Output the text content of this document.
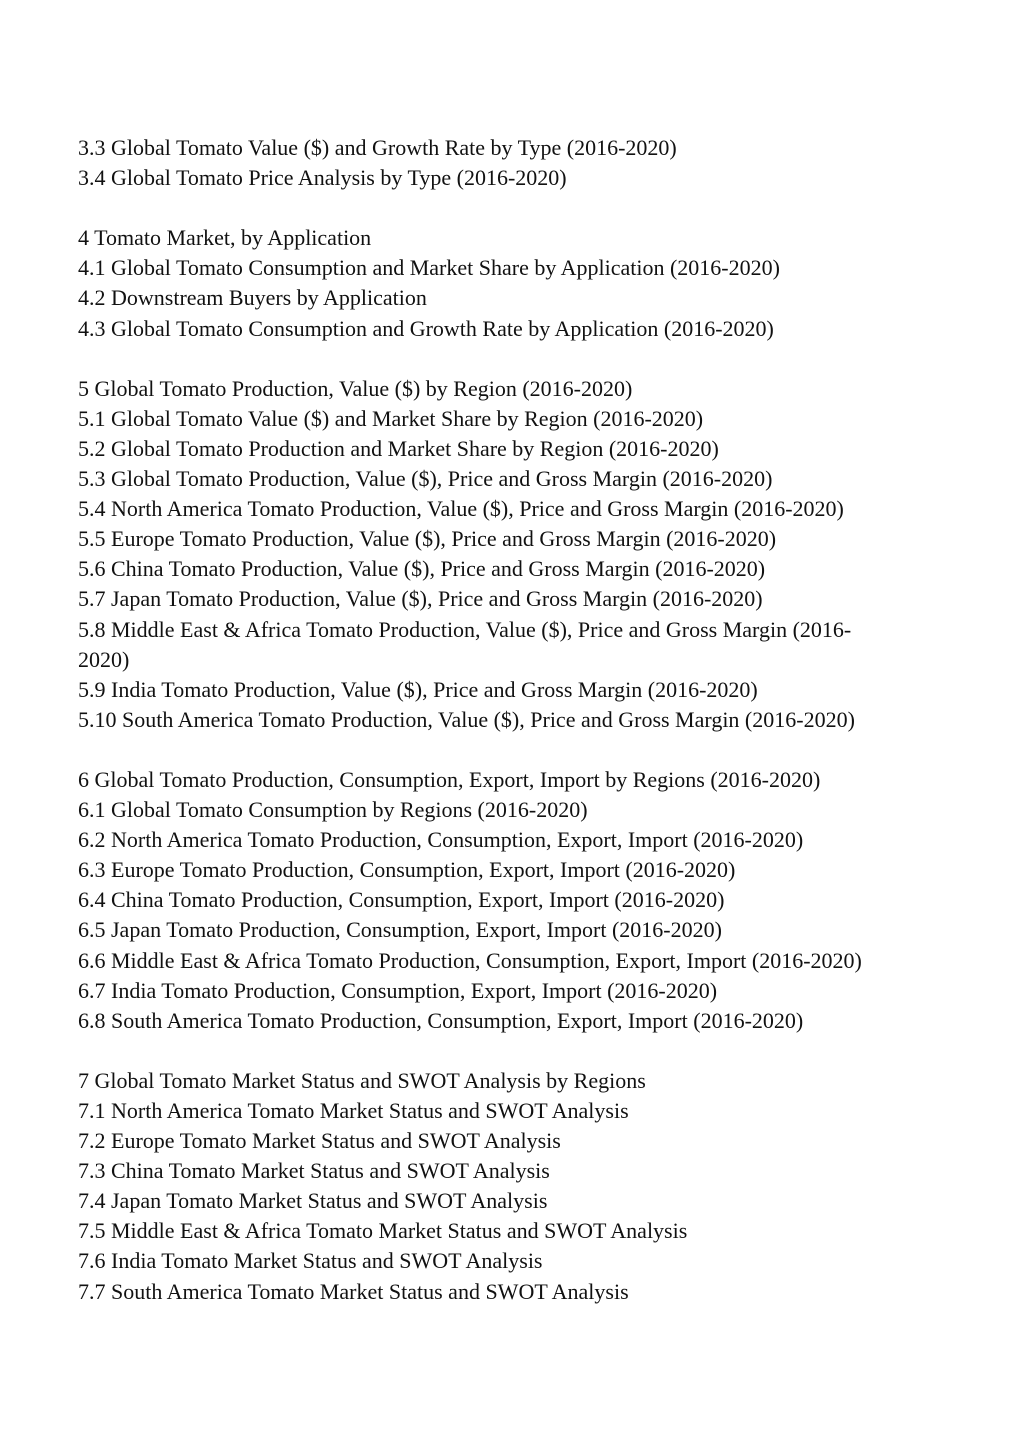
3.3 Global Tomato Value ($) and Growth Rate by Type (2016-2020)
3.4 Global Tomato Price Analysis by Type (2016-2020)
4 Tomato Market, by Application
4.1 Global Tomato Consumption and Market Share by Application (2016-2020)
4.2 Downstream Buyers by Application
4.3 Global Tomato Consumption and Growth Rate by Application (2016-2020)
5 Global Tomato Production, Value ($) by Region (2016-2020)
5.1 Global Tomato Value ($) and Market Share by Region (2016-2020)
5.2 Global Tomato Production and Market Share by Region (2016-2020)
5.3 Global Tomato Production, Value ($), Price and Gross Margin (2016-2020)
5.4 North America Tomato Production, Value ($), Price and Gross Margin (2016-2020)
5.5 Europe Tomato Production, Value ($), Price and Gross Margin (2016-2020)
5.6 China Tomato Production, Value ($), Price and Gross Margin (2016-2020)
5.7 Japan Tomato Production, Value ($), Price and Gross Margin (2016-2020)
5.8 Middle East & Africa Tomato Production, Value ($), Price and Gross Margin (2016-2020)
5.9 India Tomato Production, Value ($), Price and Gross Margin (2016-2020)
5.10 South America Tomato Production, Value ($), Price and Gross Margin (2016-2020)
6 Global Tomato Production, Consumption, Export, Import by Regions (2016-2020)
6.1 Global Tomato Consumption by Regions (2016-2020)
6.2 North America Tomato Production, Consumption, Export, Import (2016-2020)
6.3 Europe Tomato Production, Consumption, Export, Import (2016-2020)
6.4 China Tomato Production, Consumption, Export, Import (2016-2020)
6.5 Japan Tomato Production, Consumption, Export, Import (2016-2020)
6.6 Middle East & Africa Tomato Production, Consumption, Export, Import (2016-2020)
6.7 India Tomato Production, Consumption, Export, Import (2016-2020)
6.8 South America Tomato Production, Consumption, Export, Import (2016-2020)
7 Global Tomato Market Status and SWOT Analysis by Regions
7.1 North America Tomato Market Status and SWOT Analysis
7.2 Europe Tomato Market Status and SWOT Analysis
7.3 China Tomato Market Status and SWOT Analysis
7.4 Japan Tomato Market Status and SWOT Analysis
7.5 Middle East & Africa Tomato Market Status and SWOT Analysis
7.6 India Tomato Market Status and SWOT Analysis
7.7 South America Tomato Market Status and SWOT Analysis
